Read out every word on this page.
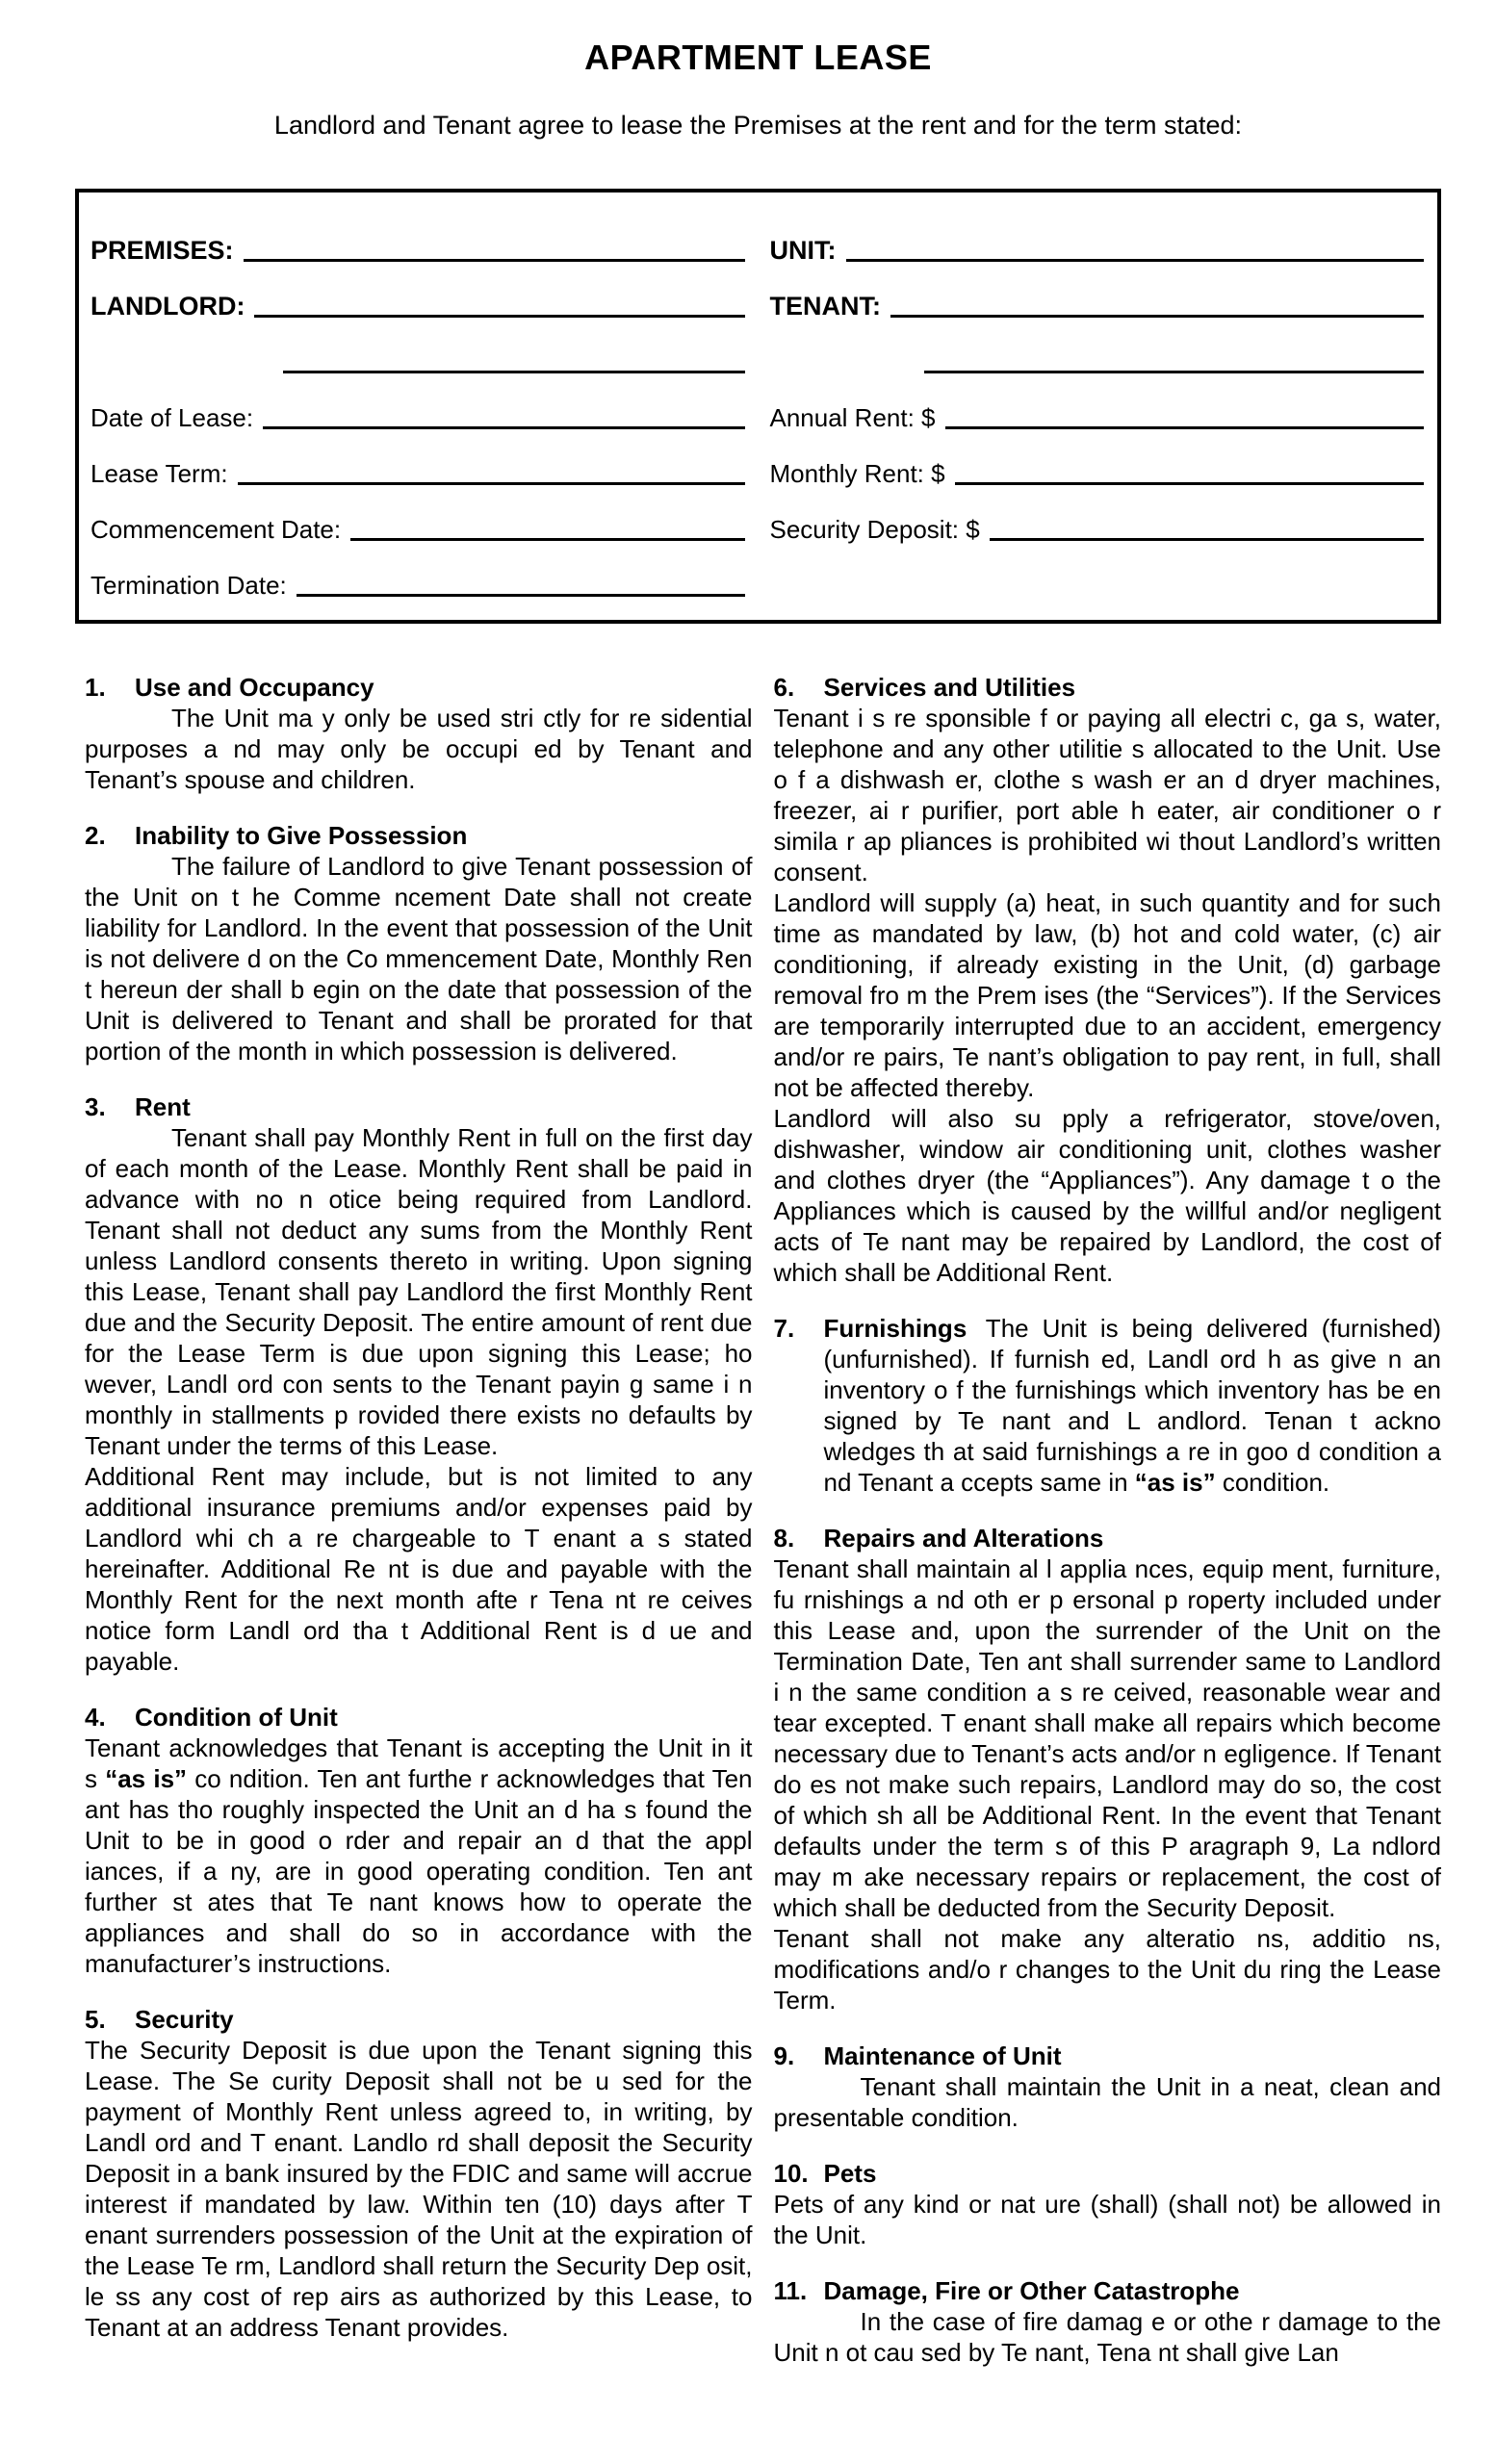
APARTMENT LEASE

Landlord and Tenant agree to lease the Premises at the rent and for the term stated:

PREMISES:	UNIT:
LANDLORD:	TENANT:
Date of Lease:	Annual Rent: $
Lease Term:	Monthly Rent: $
Commencement Date:	Security Deposit: $
Termination Date:
1.	Use and Occupancy

The Unit ma y only be used stri ctly for re sidential purposes a nd may only be occupi ed by Tenant and Tenant’s spouse and children.

2.	Inability to Give Possession

The failure of Landlord to give Tenant possession of the Unit on t he Comme ncement Date shall not create liability for Landlord. In the event that possession of the Unit is not delivere d on the Co mmencement Date, Monthly Ren t hereun der shall b egin on the date that possession of the Unit is delivered to Tenant and shall be prorated for that portion of the month in which possession is delivered.

3.	Rent

Tenant shall pay Monthly Rent in full on the first day of each month of the Lease. Monthly Rent shall be paid in advance with no n otice being required from Landlord. Tenant shall not deduct any sums from the Monthly Rent unless Landlord consents thereto in writing. Upon signing this Lease, Tenant shall pay Landlord the first Monthly Rent due and the Security Deposit. The entire amount of rent due for the Lease Term is due upon signing this Lease; ho wever, Landl ord con sents to the Tenant payin g same i n monthly in stallments p rovided there exists no defaults by Tenant under the terms of this Lease.

Additional Rent may include, but is not limited to any additional insurance premiums and/or expenses paid by Landlord whi ch a re chargeable to T enant a s stated hereinafter. Additional Re nt is due and payable with the Monthly Rent for the next month afte r Tena nt re ceives notice form Landl ord tha t Additional Rent is d ue and payable.

4.	Condition of Unit

Tenant acknowledges that Tenant is accepting the Unit in it s “as is” co ndition. Ten ant furthe r acknowledges that Ten ant has tho roughly inspected the Unit an d ha s found the Unit to be in good o rder and repair an d that the appl iances, if a ny, are in good operating condition. Ten ant further st ates that Te nant knows how to operate the appliances and shall do so in accordance with the manufacturer’s instructions.

5.	Security

The Security Deposit is due upon the Tenant signing this Lease. The Se curity Deposit shall not be u sed for the payment of Monthly Rent unless agreed to, in writing, by Landl ord and T enant. Landlo rd shall deposit the Security Deposit in a bank insured by the FDIC and same will accrue interest if mandated by law. Within ten (10) days after T enant surrenders possession of the Unit at the expiration of the Lease Te rm, Landlord shall return the Security Dep osit, le ss any cost of rep airs as authorized by this Lease, to Tenant at an address Tenant provides.

6.	Services and Utilities

Tenant i s re sponsible f or paying all electri c, ga s, water, telephone and any other utilitie s allocated to the Unit. Use o f a dishwash er, clothe s wash er an d dryer machines, freezer, ai r purifier, port able h eater, air conditioner o r simila r ap pliances is prohibited wi thout Landlord’s written consent.

Landlord will supply (a) heat, in such quantity and for such time as mandated by law, (b) hot and cold water, (c) air conditioning, if already existing in the Unit, (d) garbage removal fro m the Prem ises (the “Services”). If the Services are temporarily interrupted due to an accident, emergency and/or re pairs, Te nant’s obligation to pay rent, in full, shall not be affected thereby.

Landlord will also su pply a refrigerator, stove/oven, dishwasher, window air conditioning unit, clothes washer and clothes dryer (the “Appliances”). Any damage t o the Appliances which is caused by the willful and/or negligent acts of Te nant may be repaired by Landlord, the cost of which shall be Additional Rent.

7. Furnishings The Unit is being delivered (furnished) (unfurnished). If furnish ed, Landl ord h as give n an inventory o f the furnishings which inventory has be en signed by Te nant and L andlord. Tenan t ackno wledges th at said furnishings a re in goo d condition a nd Tenant a ccepts same in “as is” condition.

8.	Repairs and Alterations

Tenant shall maintain al l applia nces, equip ment, furniture, fu rnishings a nd oth er p ersonal p roperty included under this Lease and, upon the surrender of the Unit on the Termination Date, Ten ant shall surrender same to Landlord i n the same condition a s re ceived, reasonable wear and tear excepted. T enant shall make all repairs which become necessary due to Tenant’s acts and/or n egligence. If Tenant do es not make such repairs, Landlord may do so, the cost of which sh all be Additional Rent. In the event that Tenant defaults under the term s of this P aragraph 9, La ndlord may m ake necessary repairs or replacement, the cost of which shall be deducted from the Security Deposit.

Tenant shall not make any alteratio ns, additio ns, modifications and/o r changes to the Unit du ring the Lease Term.

9.	Maintenance of Unit

Tenant shall maintain the Unit in a neat, clean and presentable condition.

10. Pets

Pets of any kind or nat ure (shall) (shall not) be allowed in the Unit.

11. Damage, Fire or Other Catastrophe

In the case of fire damag e or othe r damage to the Unit n ot cau sed by Te nant, Tena nt shall give Lan
